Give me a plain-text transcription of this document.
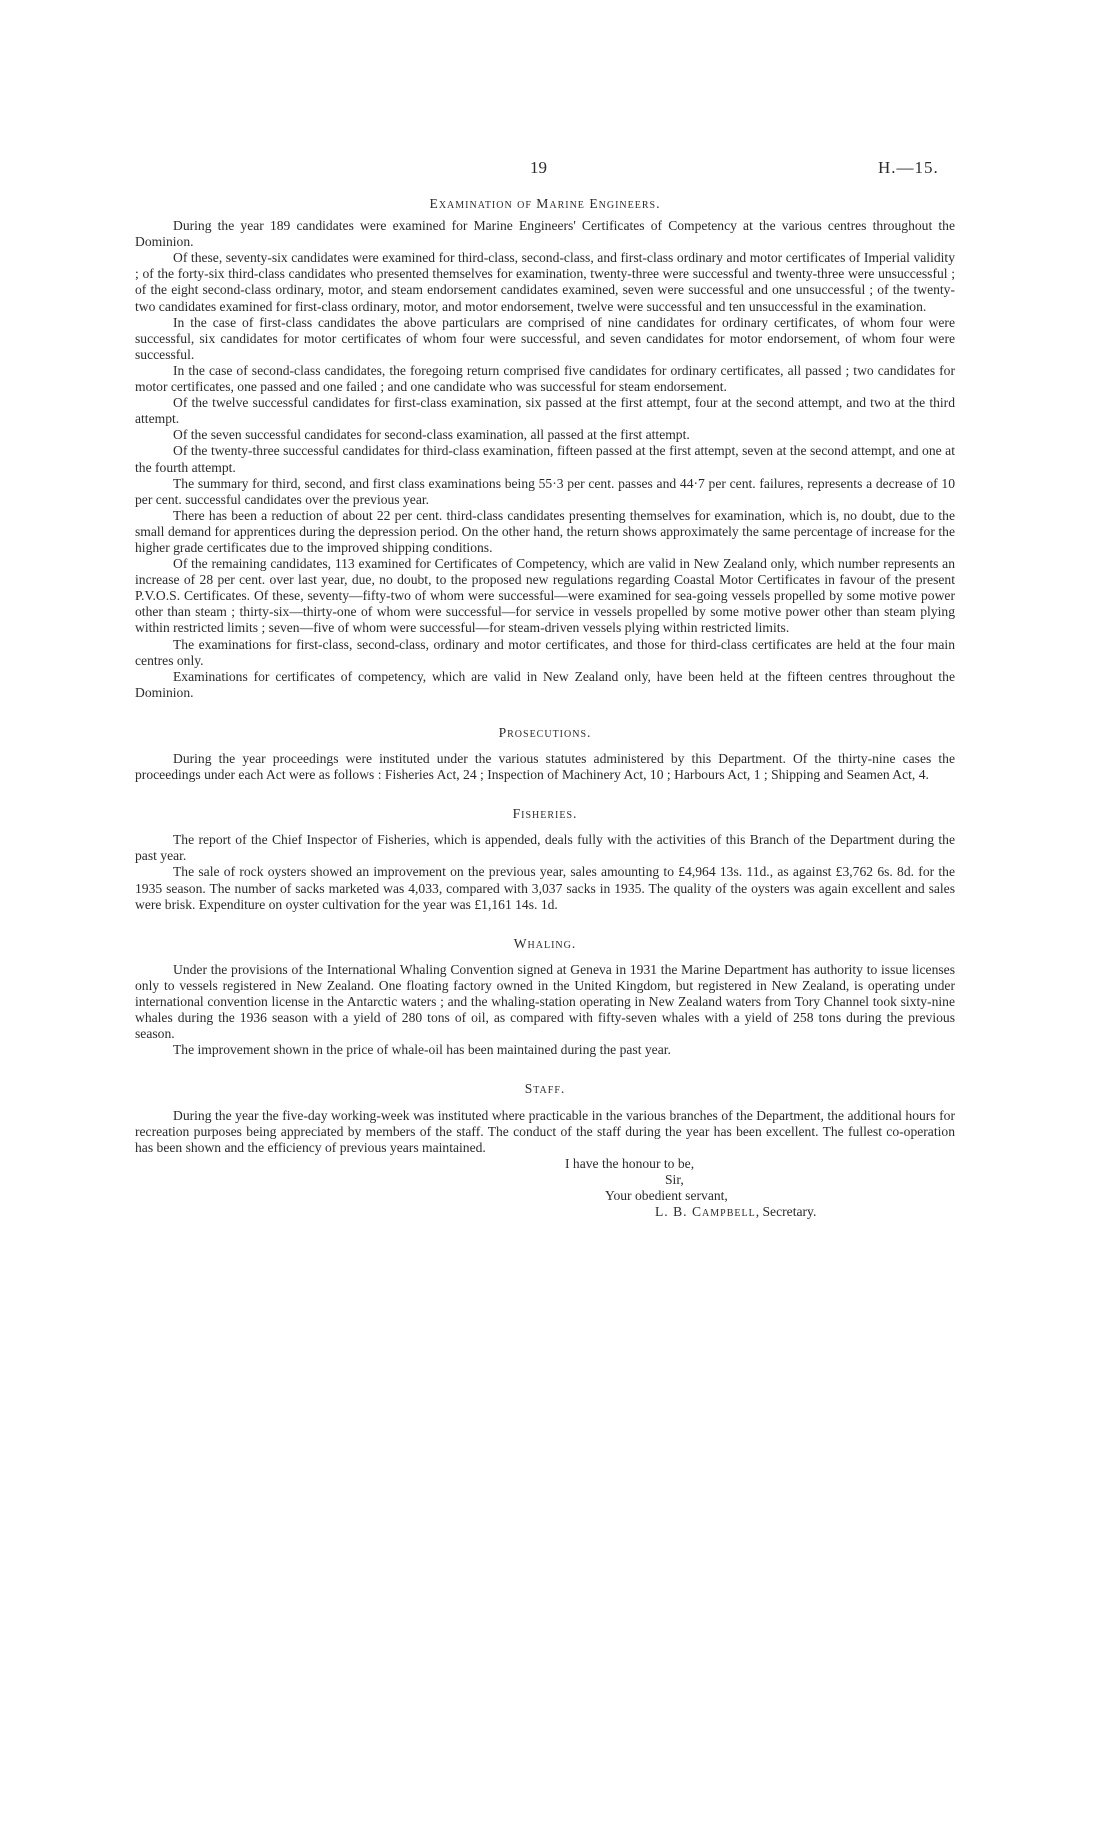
19	H.—15.
Examination of Marine Engineers.

During the year 189 candidates were examined for Marine Engineers' Certificates of Competency at the various centres throughout the Dominion.

Of these, seventy-six candidates were examined for third-class, second-class, and first-class ordinary and motor certificates of Imperial validity ; of the forty-six third-class candidates who presented themselves for examination, twenty-three were successful and twenty-three were unsuccessful ; of the eight second-class ordinary, motor, and steam endorsement candidates examined, seven were successful and one unsuccessful ; of the twenty-two candidates examined for first-class ordinary, motor, and motor endorsement, twelve were successful and ten unsuccessful in the examination.

In the case of first-class candidates the above particulars are comprised of nine candidates for ordinary certificates, of whom four were successful, six candidates for motor certificates of whom four were successful, and seven candidates for motor endorsement, of whom four were successful.

In the case of second-class candidates, the foregoing return comprised five candidates for ordinary certificates, all passed ; two candidates for motor certificates, one passed and one failed ; and one candidate who was successful for steam endorsement.

Of the twelve successful candidates for first-class examination, six passed at the first attempt, four at the second attempt, and two at the third attempt.

Of the seven successful candidates for second-class examination, all passed at the first attempt.

Of the twenty-three successful candidates for third-class examination, fifteen passed at the first attempt, seven at the second attempt, and one at the fourth attempt.

The summary for third, second, and first class examinations being 55·3 per cent. passes and 44·7 per cent. failures, represents a decrease of 10 per cent. successful candidates over the previous year.

There has been a reduction of about 22 per cent. third-class candidates presenting themselves for examination, which is, no doubt, due to the small demand for apprentices during the depression period. On the other hand, the return shows approximately the same percentage of increase for the higher grade certificates due to the improved shipping conditions.

Of the remaining candidates, 113 examined for Certificates of Competency, which are valid in New Zealand only, which number represents an increase of 28 per cent. over last year, due, no doubt, to the proposed new regulations regarding Coastal Motor Certificates in favour of the present P.V.O.S. Certificates. Of these, seventy—fifty-two of whom were successful—were examined for sea-going vessels propelled by some motive power other than steam ; thirty-six—thirty-one of whom were successful—for service in vessels propelled by some motive power other than steam plying within restricted limits ; seven—five of whom were successful—for steam-driven vessels plying within restricted limits.

The examinations for first-class, second-class, ordinary and motor certificates, and those for third-class certificates are held at the four main centres only.

Examinations for certificates of competency, which are valid in New Zealand only, have been held at the fifteen centres throughout the Dominion.

Prosecutions.

During the year proceedings were instituted under the various statutes administered by this Department. Of the thirty-nine cases the proceedings under each Act were as follows : Fisheries Act, 24 ; Inspection of Machinery Act, 10 ; Harbours Act, 1 ; Shipping and Seamen Act, 4.

Fisheries.

The report of the Chief Inspector of Fisheries, which is appended, deals fully with the activities of this Branch of the Department during the past year.

The sale of rock oysters showed an improvement on the previous year, sales amounting to £4,964 13s. 11d., as against £3,762 6s. 8d. for the 1935 season. The number of sacks marketed was 4,033, compared with 3,037 sacks in 1935. The quality of the oysters was again excellent and sales were brisk. Expenditure on oyster cultivation for the year was £1,161 14s. 1d.

Whaling.

Under the provisions of the International Whaling Convention signed at Geneva in 1931 the Marine Department has authority to issue licenses only to vessels registered in New Zealand. One floating factory owned in the United Kingdom, but registered in New Zealand, is operating under international convention license in the Antarctic waters ; and the whaling-station operating in New Zealand waters from Tory Channel took sixty-nine whales during the 1936 season with a yield of 280 tons of oil, as compared with fifty-seven whales with a yield of 258 tons during the previous season.

The improvement shown in the price of whale-oil has been maintained during the past year.

Staff.

During the year the five-day working-week was instituted where practicable in the various branches of the Department, the additional hours for recreation purposes being appreciated by members of the staff. The conduct of the staff during the year has been excellent. The fullest co-operation has been shown and the efficiency of previous years maintained.

I have the honour to be,
Sir,
Your obedient servant,
L. B. Campbell, Secretary.
